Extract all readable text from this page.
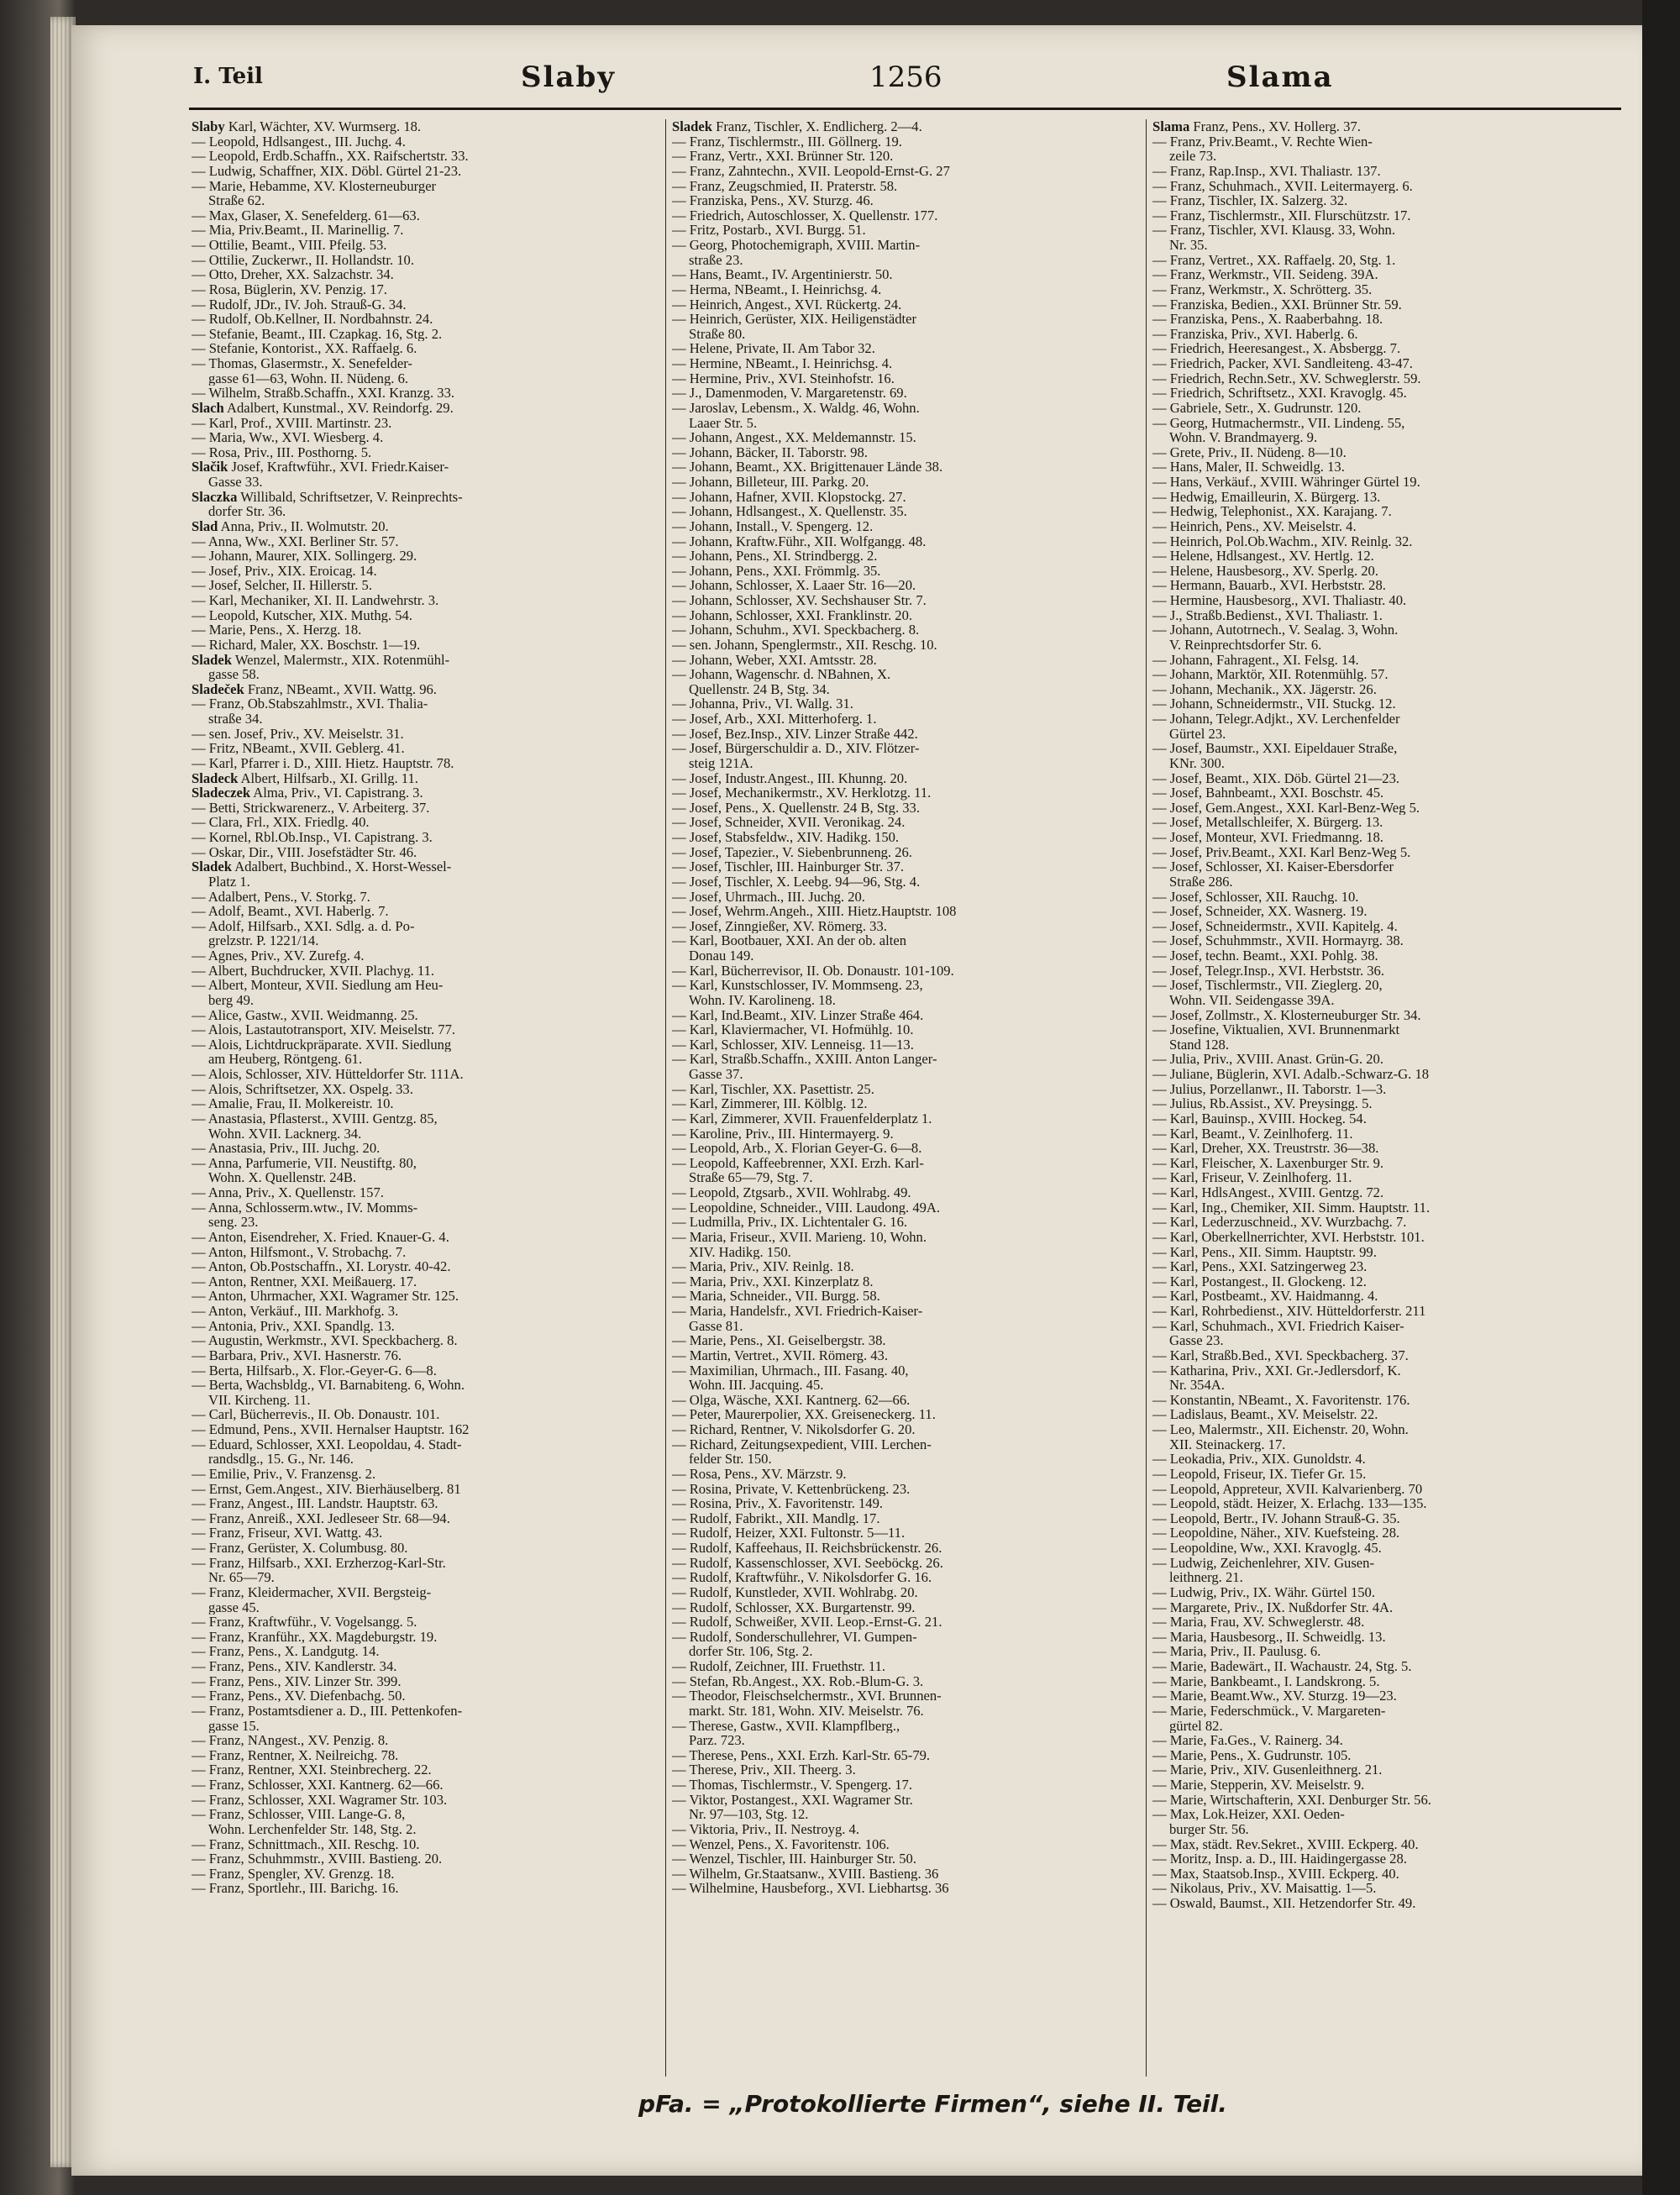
I. Teil	Slaby	1256	Slama
Slaby Karl, Wächter, XV. Wurmserg. 18.
— Leopold, Hdlsangest., III. Juchg. 4.
— Leopold, Erdb.Schaffn., XX. Raifschertstr. 33.
— Ludwig, Schaffner, XIX. Döbl. Gürtel 21-23.
— Marie, Hebamme, XV. Klosterneuburger
Straße 62.
— Max, Glaser, X. Senefelderg. 61—63.
— Mia, Priv.Beamt., II. Marinellig. 7.
— Ottilie, Beamt., VIII. Pfeilg. 53.
— Ottilie, Zuckerwr., II. Hollandstr. 10.
— Otto, Dreher, XX. Salzachstr. 34.
— Rosa, Büglerin, XV. Penzig. 17.
— Rudolf, JDr., IV. Joh. Strauß-G. 34.
— Rudolf, Ob.Kellner, II. Nordbahnstr. 24.
— Stefanie, Beamt., III. Czapkag. 16, Stg. 2.
— Stefanie, Kontorist., XX. Raffaelg. 6.
— Thomas, Glasermstr., X. Senefelder-
gasse 61—63, Wohn. II. Nüdeng. 6.
— Wilhelm, Straßb.Schaffn., XXI. Kranzg. 33.
Slach Adalbert, Kunstmal., XV. Reindorfg. 29.
— Karl, Prof., XVIII. Martinstr. 23.
— Maria, Ww., XVI. Wiesberg. 4.
— Rosa, Priv., III. Posthorng. 5.
Slačik Josef, Kraftwführ., XVI. Friedr.Kaiser-
Gasse 33.
Slaczka Willibald, Schriftsetzer, V. Reinprechts-
dorfer Str. 36.
Slad Anna, Priv., II. Wolmutstr. 20.
— Anna, Ww., XXI. Berliner Str. 57.
— Johann, Maurer, XIX. Sollingerg. 29.
— Josef, Priv., XIX. Eroicag. 14.
— Josef, Selcher, II. Hillerstr. 5.
— Karl, Mechaniker, XI. II. Landwehrstr. 3.
— Leopold, Kutscher, XIX. Muthg. 54.
— Marie, Pens., X. Herzg. 18.
— Richard, Maler, XX. Boschstr. 1—19.
Sladek Wenzel, Malermstr., XIX. Rotenmühl-
gasse 58.
Sladeček Franz, NBeamt., XVII. Wattg. 96.
— Franz, Ob.Stabszahlmstr., XVI. Thalia-
straße 34.
— sen. Josef, Priv., XV. Meiselstr. 31.
— Fritz, NBeamt., XVII. Geblerg. 41.
— Karl, Pfarrer i. D., XIII. Hietz. Hauptstr. 78.
Sladeck Albert, Hilfsarb., XI. Grillg. 11.
Sladeczek Alma, Priv., VI. Capistrang. 3.
— Betti, Strickwarenerz., V. Arbeiterg. 37.
— Clara, Frl., XIX. Friedlg. 40.
— Kornel, Rbl.Ob.Insp., VI. Capistrang. 3.
— Oskar, Dir., VIII. Josefstädter Str. 46.
Sladek Adalbert, Buchbind., X. Horst-Wessel-
Platz 1.
— Adalbert, Pens., V. Storkg. 7.
— Adolf, Beamt., XVI. Haberlg. 7.
— Adolf, Hilfsarb., XXI. Sdlg. a. d. Po-
grelzstr. P. 1221/14.
— Agnes, Priv., XV. Zurefg. 4.
— Albert, Buchdrucker, XVII. Plachyg. 11.
— Albert, Monteur, XVII. Siedlung am Heu-
berg 49.
— Alice, Gastw., XVII. Weidmanng. 25.
— Alois, Lastautotransport, XIV. Meiselstr. 77.
— Alois, Lichtdruckpräparate. XVII. Siedlung
am Heuberg, Röntgeng. 61.
— Alois, Schlosser, XIV. Hütteldorfer Str. 111A.
— Alois, Schriftsetzer, XX. Ospelg. 33.
— Amalie, Frau, II. Molkereistr. 10.
— Anastasia, Pflasterst., XVIII. Gentzg. 85,
Wohn. XVII. Lacknerg. 34.
— Anastasia, Priv., III. Juchg. 20.
— Anna, Parfumerie, VII. Neustiftg. 80,
Wohn. X. Quellenstr. 24B.
— Anna, Priv., X. Quellenstr. 157.
— Anna, Schlosserm.wtw., IV. Momms-
seng. 23.
— Anton, Eisendreher, X. Fried. Knauer-G. 4.
— Anton, Hilfsmont., V. Strobachg. 7.
— Anton, Ob.Postschaffn., XI. Lorystr. 40-42.
— Anton, Rentner, XXI. Meißauerg. 17.
— Anton, Uhrmacher, XXI. Wagramer Str. 125.
— Anton, Verkäuf., III. Markhofg. 3.
— Antonia, Priv., XXI. Spandlg. 13.
— Augustin, Werkmstr., XVI. Speckbacherg. 8.
— Barbara, Priv., XVI. Hasnerstr. 76.
— Berta, Hilfsarb., X. Flor.-Geyer-G. 6—8.
— Berta, Wachsbldg., VI. Barnabiteng. 6, Wohn.
VII. Kircheng. 11.
— Carl, Bücherrevis., II. Ob. Donaustr. 101.
— Edmund, Pens., XVII. Hernalser Hauptstr. 162
— Eduard, Schlosser, XXI. Leopoldau, 4. Stadt-
randsdlg., 15. G., Nr. 146.
— Emilie, Priv., V. Franzensg. 2.
— Ernst, Gem.Angest., XIV. Bierhäuselberg. 81
— Franz, Angest., III. Landstr. Hauptstr. 63.
— Franz, Anreiß., XXI. Jedleseer Str. 68—94.
— Franz, Friseur, XVI. Wattg. 43.
— Franz, Gerüster, X. Columbusg. 80.
— Franz, Hilfsarb., XXI. Erzherzog-Karl-Str.
Nr. 65—79.
— Franz, Kleidermacher, XVII. Bergsteig-
gasse 45.
— Franz, Kraftwführ., V. Vogelsangg. 5.
— Franz, Kranführ., XX. Magdeburgstr. 19.
— Franz, Pens., X. Landgutg. 14.
— Franz, Pens., XIV. Kandlerstr. 34.
— Franz, Pens., XIV. Linzer Str. 399.
— Franz, Pens., XV. Diefenbachg. 50.
— Franz, Postamtsdiener a. D., III. Pettenkofen-
gasse 15.
— Franz, NAngest., XV. Penzig. 8.
— Franz, Rentner, X. Neilreichg. 78.
— Franz, Rentner, XXI. Steinbrecherg. 22.
— Franz, Schlosser, XXI. Kantnerg. 62—66.
— Franz, Schlosser, XXI. Wagramer Str. 103.
— Franz, Schlosser, VIII. Lange-G. 8,
Wohn. Lerchenfelder Str. 148, Stg. 2.
— Franz, Schnittmach., XII. Reschg. 10.
— Franz, Schuhmmstr., XVIII. Bastieng. 20.
— Franz, Spengler, XV. Grenzg. 18.
— Franz, Sportlehr., III. Barichg. 16.
Sladek Franz, Tischler, X. Endlicherg. 2—4.
— Franz, Tischlermstr., III. Göllnerg. 19.
— Franz, Vertr., XXI. Brünner Str. 120.
— Franz, Zahntechn., XVII. Leopold-Ernst-G. 27
— Franz, Zeugschmied, II. Praterstr. 58.
— Franziska, Pens., XV. Sturzg. 46.
— Friedrich, Autoschlosser, X. Quellenstr. 177.
— Fritz, Postarb., XVI. Burgg. 51.
— Georg, Photochemigraph, XVIII. Martin-
straße 23.
— Hans, Beamt., IV. Argentinierstr. 50.
— Herma, NBeamt., I. Heinrichsg. 4.
— Heinrich, Angest., XVI. Rückertg. 24.
— Heinrich, Gerüster, XIX. Heiligenstädter
Straße 80.
— Helene, Private, II. Am Tabor 32.
— Hermine, NBeamt., I. Heinrichsg. 4.
— Hermine, Priv., XVI. Steinhofstr. 16.
— J., Damenmoden, V. Margaretenstr. 69.
— Jaroslav, Lebensm., X. Waldg. 46, Wohn.
Laaer Str. 5.
— Johann, Angest., XX. Meldemannstr. 15.
— Johann, Bäcker, II. Taborstr. 98.
— Johann, Beamt., XX. Brigittenauer Lände 38.
— Johann, Billeteur, III. Parkg. 20.
— Johann, Hafner, XVII. Klopstockg. 27.
— Johann, Hdlsangest., X. Quellenstr. 35.
— Johann, Install., V. Spengerg. 12.
— Johann, Kraftw.Führ., XII. Wolfgangg. 48.
— Johann, Pens., XI. Strindbergg. 2.
— Johann, Pens., XXI. Frömmlg. 35.
— Johann, Schlosser, X. Laaer Str. 16—20.
— Johann, Schlosser, XV. Sechshauser Str. 7.
— Johann, Schlosser, XXI. Franklinstr. 20.
— Johann, Schuhm., XVI. Speckbacherg. 8.
— sen. Johann, Spenglermstr., XII. Reschg. 10.
— Johann, Weber, XXI. Amtsstr. 28.
— Johann, Wagenschr. d. NBahnen, X.
Quellenstr. 24 B, Stg. 34.
— Johanna, Priv., VI. Wallg. 31.
— Josef, Arb., XXI. Mitterhoferg. 1.
— Josef, Bez.Insp., XIV. Linzer Straße 442.
— Josef, Bürgerschuldir a. D., XIV. Flötzer-
steig 121A.
— Josef, Industr.Angest., III. Khunng. 20.
— Josef, Mechanikermstr., XV. Herklotzg. 11.
— Josef, Pens., X. Quellenstr. 24 B, Stg. 33.
— Josef, Schneider, XVII. Veronikag. 24.
— Josef, Stabsfeldw., XIV. Hadikg. 150.
— Josef, Tapezier., V. Siebenbrunneng. 26.
— Josef, Tischler, III. Hainburger Str. 37.
— Josef, Tischler, X. Leebg. 94—96, Stg. 4.
— Josef, Uhrmach., III. Juchg. 20.
— Josef, Wehrm.Angeh., XIII. Hietz.Hauptstr. 108
— Josef, Zinngießer, XV. Römerg. 33.
— Karl, Bootbauer, XXI. An der ob. alten
Donau 149.
— Karl, Bücherrevisor, II. Ob. Donaustr. 101-109.
— Karl, Kunstschlosser, IV. Mommseng. 23,
Wohn. IV. Karolineng. 18.
— Karl, Ind.Beamt., XIV. Linzer Straße 464.
— Karl, Klaviermacher, VI. Hofmühlg. 10.
— Karl, Schlosser, XIV. Lenneisg. 11—13.
— Karl, Straßb.Schaffn., XXIII. Anton Langer-
Gasse 37.
— Karl, Tischler, XX. Pasettistr. 25.
— Karl, Zimmerer, III. Kölblg. 12.
— Karl, Zimmerer, XVII. Frauenfelderplatz 1.
— Karoline, Priv., III. Hintermayerg. 9.
— Leopold, Arb., X. Florian Geyer-G. 6—8.
— Leopold, Kaffeebrenner, XXI. Erzh. Karl-
Straße 65—79, Stg. 7.
— Leopold, Ztgsarb., XVII. Wohlrabg. 49.
— Leopoldine, Schneider., VIII. Laudong. 49A.
— Ludmilla, Priv., IX. Lichtentaler G. 16.
— Maria, Friseur., XVII. Marieng. 10, Wohn.
XIV. Hadikg. 150.
— Maria, Priv., XIV. Reinlg. 18.
— Maria, Priv., XXI. Kinzerplatz 8.
— Maria, Schneider., VII. Burgg. 58.
— Maria, Handelsfr., XVI. Friedrich-Kaiser-
Gasse 81.
— Marie, Pens., XI. Geiselbergstr. 38.
— Martin, Vertret., XVII. Römerg. 43.
— Maximilian, Uhrmach., III. Fasang. 40,
Wohn. III. Jacquing. 45.
— Olga, Wäsche, XXI. Kantnerg. 62—66.
— Peter, Maurerpolier, XX. Greiseneckerg. 11.
— Richard, Rentner, V. Nikolsdorfer G. 20.
— Richard, Zeitungsexpedient, VIII. Lerchen-
felder Str. 150.
— Rosa, Pens., XV. Märzstr. 9.
— Rosina, Private, V. Kettenbrückeng. 23.
— Rosina, Priv., X. Favoritenstr. 149.
— Rudolf, Fabrikt., XII. Mandlg. 17.
— Rudolf, Heizer, XXI. Fultonstr. 5—11.
— Rudolf, Kaffeehaus, II. Reichsbrückenstr. 26.
— Rudolf, Kassenschlosser, XVI. Seeböckg. 26.
— Rudolf, Kraftwführ., V. Nikolsdorfer G. 16.
— Rudolf, Kunstleder, XVII. Wohlrabg. 20.
— Rudolf, Schlosser, XX. Burgartenstr. 99.
— Rudolf, Schweißer, XVII. Leop.-Ernst-G. 21.
— Rudolf, Sonderschullehrer, VI. Gumpen-
dorfer Str. 106, Stg. 2.
— Rudolf, Zeichner, III. Fruethstr. 11.
— Stefan, Rb.Angest., XX. Rob.-Blum-G. 3.
— Theodor, Fleischselchermstr., XVI. Brunnen-
markt. Str. 181, Wohn. XIV. Meiselstr. 76.
— Therese, Gastw., XVII. Klampflberg.,
Parz. 723.
— Therese, Pens., XXI. Erzh. Karl-Str. 65-79.
— Therese, Priv., XII. Theerg. 3.
— Thomas, Tischlermstr., V. Spengerg. 17.
— Viktor, Postangest., XXI. Wagramer Str.
Nr. 97—103, Stg. 12.
— Viktoria, Priv., II. Nestroyg. 4.
— Wenzel, Pens., X. Favoritenstr. 106.
— Wenzel, Tischler, III. Hainburger Str. 50.
— Wilhelm, Gr.Staatsanw., XVIII. Bastieng. 36
— Wilhelmine, Hausbeforg., XVI. Liebhartsg. 36
Slama Franz, Pens., XV. Hollerg. 37.
— Franz, Priv.Beamt., V. Rechte Wien-
zeile 73.
— Franz, Rap.Insp., XVI. Thaliastr. 137.
— Franz, Schuhmach., XVII. Leitermayerg. 6.
— Franz, Tischler, IX. Salzerg. 32.
— Franz, Tischlermstr., XII. Flurschützstr. 17.
— Franz, Tischler, XVI. Klausg. 33, Wohn.
Nr. 35.
— Franz, Vertret., XX. Raffaelg. 20, Stg. 1.
— Franz, Werkmstr., VII. Seideng. 39A.
— Franz, Werkmstr., X. Schrötterg. 35.
— Franziska, Bedien., XXI. Brünner Str. 59.
— Franziska, Pens., X. Raaberbahng. 18.
— Franziska, Priv., XVI. Haberlg. 6.
— Friedrich, Heeresangest., X. Absbergg. 7.
— Friedrich, Packer, XVI. Sandleiteng. 43-47.
— Friedrich, Rechn.Setr., XV. Schweglerstr. 59.
— Friedrich, Schriftsetz., XXI. Kravoglg. 45.
— Gabriele, Setr., X. Gudrunstr. 120.
— Georg, Hutmachermstr., VII. Lindeng. 55,
Wohn. V. Brandmayerg. 9.
— Grete, Priv., II. Nüdeng. 8—10.
— Hans, Maler, II. Schweidlg. 13.
— Hans, Verkäuf., XVIII. Währinger Gürtel 19.
— Hedwig, Emailleurin, X. Bürgerg. 13.
— Hedwig, Telephonist., XX. Karajang. 7.
— Heinrich, Pens., XV. Meiselstr. 4.
— Heinrich, Pol.Ob.Wachm., XIV. Reinlg. 32.
— Helene, Hdlsangest., XV. Hertlg. 12.
— Helene, Hausbesorg., XV. Sperlg. 20.
— Hermann, Bauarb., XVI. Herbststr. 28.
— Hermine, Hausbesorg., XVI. Thaliastr. 40.
— J., Straßb.Bedienst., XVI. Thaliastr. 1.
— Johann, Autotrnech., V. Sealag. 3, Wohn.
V. Reinprechtsdorfer Str. 6.
— Johann, Fahragent., XI. Felsg. 14.
— Johann, Marktör, XII. Rotenmühlg. 57.
— Johann, Mechanik., XX. Jägerstr. 26.
— Johann, Schneidermstr., VII. Stuckg. 12.
— Johann, Telegr.Adjkt., XV. Lerchenfelder
Gürtel 23.
— Josef, Baumstr., XXI. Eipeldauer Straße,
KNr. 300.
— Josef, Beamt., XIX. Döb. Gürtel 21—23.
— Josef, Bahnbeamt., XXI. Boschstr. 45.
— Josef, Gem.Angest., XXI. Karl-Benz-Weg 5.
— Josef, Metallschleifer, X. Bürgerg. 13.
— Josef, Monteur, XVI. Friedmanng. 18.
— Josef, Priv.Beamt., XXI. Karl Benz-Weg 5.
— Josef, Schlosser, XI. Kaiser-Ebersdorfer
Straße 286.
— Josef, Schlosser, XII. Rauchg. 10.
— Josef, Schneider, XX. Wasnerg. 19.
— Josef, Schneidermstr., XVII. Kapitelg. 4.
— Josef, Schuhmmstr., XVII. Hormayrg. 38.
— Josef, techn. Beamt., XXI. Pohlg. 38.
— Josef, Telegr.Insp., XVI. Herbststr. 36.
— Josef, Tischlermstr., VII. Zieglerg. 20,
Wohn. VII. Seidengasse 39A.
— Josef, Zollmstr., X. Klosterneuburger Str. 34.
— Josefine, Viktualien, XVI. Brunnenmarkt
Stand 128.
— Julia, Priv., XVIII. Anast. Grün-G. 20.
— Juliane, Büglerin, XVI. Adalb.-Schwarz-G. 18
— Julius, Porzellanwr., II. Taborstr. 1—3.
— Julius, Rb.Assist., XV. Preysingg. 5.
— Karl, Bauinsp., XVIII. Hockeg. 54.
— Karl, Beamt., V. Zeinlhoferg. 11.
— Karl, Dreher, XX. Treustrstr. 36—38.
— Karl, Fleischer, X. Laxenburger Str. 9.
— Karl, Friseur, V. Zeinlhoferg. 11.
— Karl, HdlsAngest., XVIII. Gentzg. 72.
— Karl, Ing., Chemiker, XII. Simm. Hauptstr. 11.
— Karl, Lederzuschneid., XV. Wurzbachg. 7.
— Karl, Oberkellnerrichter, XVI. Herbststr. 101.
— Karl, Pens., XII. Simm. Hauptstr. 99.
— Karl, Pens., XXI. Satzingerweg 23.
— Karl, Postangest., II. Glockeng. 12.
— Karl, Postbeamt., XV. Haidmanng. 4.
— Karl, Rohrbedienst., XIV. Hütteldorferstr. 211
— Karl, Schuhmach., XVI. Friedrich Kaiser-
Gasse 23.
— Karl, Straßb.Bed., XVI. Speckbacherg. 37.
— Katharina, Priv., XXI. Gr.-Jedlersdorf, K.
Nr. 354A.
— Konstantin, NBeamt., X. Favoritenstr. 176.
— Ladislaus, Beamt., XV. Meiselstr. 22.
— Leo, Malermstr., XII. Eichenstr. 20, Wohn.
XII. Steinackerg. 17.
— Leokadia, Priv., XIX. Gunoldstr. 4.
— Leopold, Friseur, IX. Tiefer Gr. 15.
— Leopold, Appreteur, XVII. Kalvarienberg. 70
— Leopold, städt. Heizer, X. Erlachg. 133—135.
— Leopold, Bertr., IV. Johann Strauß-G. 35.
— Leopoldine, Näher., XIV. Kuefsteing. 28.
— Leopoldine, Ww., XXI. Kravoglg. 45.
— Ludwig, Zeichenlehrer, XIV. Gusen-
leithnerg. 21.
— Ludwig, Priv., IX. Währ. Gürtel 150.
— Margarete, Priv., IX. Nußdorfer Str. 4A.
— Maria, Frau, XV. Schweglerstr. 48.
— Maria, Hausbesorg., II. Schweidlg. 13.
— Maria, Priv., II. Paulusg. 6.
— Marie, Badewärt., II. Wachaustr. 24, Stg. 5.
— Marie, Bankbeamt., I. Landskrong. 5.
— Marie, Beamt.Ww., XV. Sturzg. 19—23.
— Marie, Federschmück., V. Margareten-
gürtel 82.
— Marie, Fa.Ges., V. Rainerg. 34.
— Marie, Pens., X. Gudrunstr. 105.
— Marie, Priv., XIV. Gusenleithnerg. 21.
— Marie, Stepperin, XV. Meiselstr. 9.
— Marie, Wirtschafterin, XXI. Denburger Str. 56.
— Max, Lok.Heizer, XXI. Oeden-
burger Str. 56.
— Max, städt. Rev.Sekret., XVIII. Eckperg. 40.
— Moritz, Insp. a. D., III. Haidingergasse 28.
— Max, Staatsob.Insp., XVIII. Eckperg. 40.
— Nikolaus, Priv., XV. Maisattig. 1—5.
— Oswald, Baumst., XII. Hetzendorfer Str. 49.
pFa. = „Protokollierte Firmen“, siehe II. Teil.
